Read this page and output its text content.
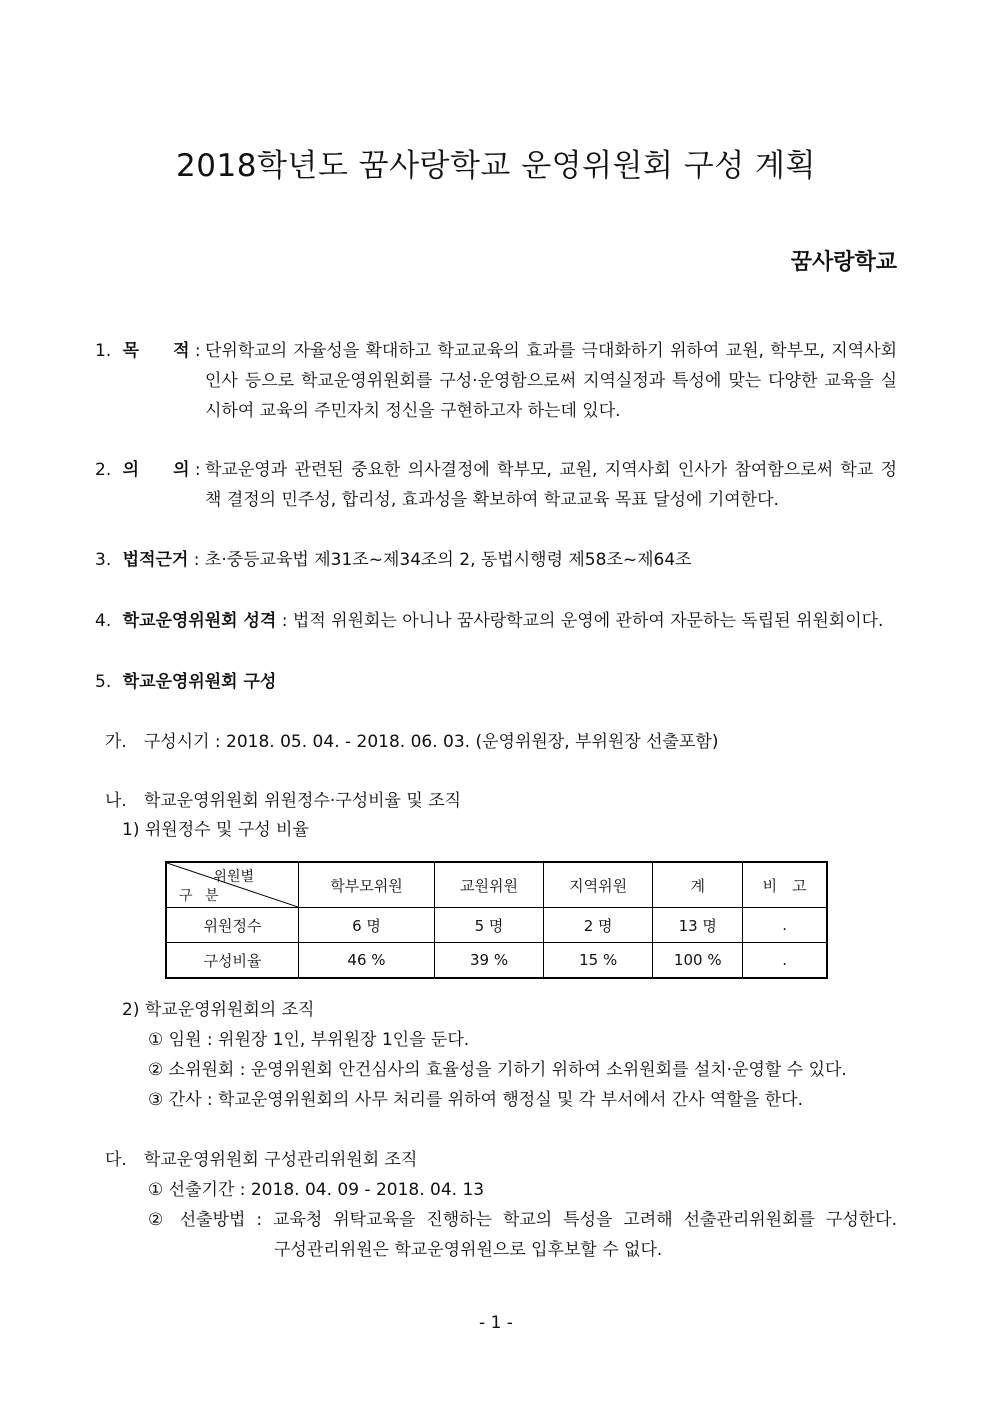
2018학년도 꿈사랑학교 운영위원회 구성 계획
꿈사랑학교
1. 목　　적 : 단위학교의 자율성을 확대하고 학교교육의 효과를 극대화하기 위하여 교원, 학부모, 지역사회
인사 등으로 학교운영위원회를 구성·운영함으로써 지역실정과 특성에 맞는 다양한 교육을 실
시하여 교육의 주민자치 정신을 구현하고자 하는데 있다.
2. 의　　의 : 학교운영과 관련된 중요한 의사결정에 학부모, 교원, 지역사회 인사가 참여함으로써 학교 정
책 결정의 민주성, 합리성, 효과성을 확보하여 학교교육 목표 달성에 기여한다.
3. 법적근거 : 초·중등교육법 제31조~제34조의 2, 동법시행령 제58조~제64조
4. 학교운영위원회 성격 : 법적 위원회는 아니나 꿈사랑학교의 운영에 관하여 자문하는 독립된 위원회이다.
5. 학교운영위원회 구성
가.　구성시기 : 2018. 05. 04. - 2018. 06. 03. (운영위원장, 부위원장 선출포함)
나.　학교운영위원회 위원정수·구성비율 및 조직
1) 위원정수 및 구성 비율
위원별
구 분	학부모위원	교원위원	지역위원	계	비　고
위원정수	6 명	5 명	2 명	13 명	.
구성비율	46 %	39 %	15 %	100 %	.
2) 학교운영위원회의 조직
① 임원 : 위원장 1인, 부위원장 1인을 둔다.
② 소위원회 : 운영위원회 안건심사의 효율성을 기하기 위하여 소위원회를 설치·운영할 수 있다.
③ 간사 : 학교운영위원회의 사무 처리를 위하여 행정실 및 각 부서에서 간사 역할을 한다.
다.　학교운영위원회 구성관리위원회 조직
① 선출기간 : 2018. 04. 09 - 2018. 04. 13
② 선출방법 : 교육청 위탁교육을 진행하는 학교의 특성을 고려해 선출관리위원회를 구성한다.
구성관리위원은 학교운영위원으로 입후보할 수 없다.
- 1 -
